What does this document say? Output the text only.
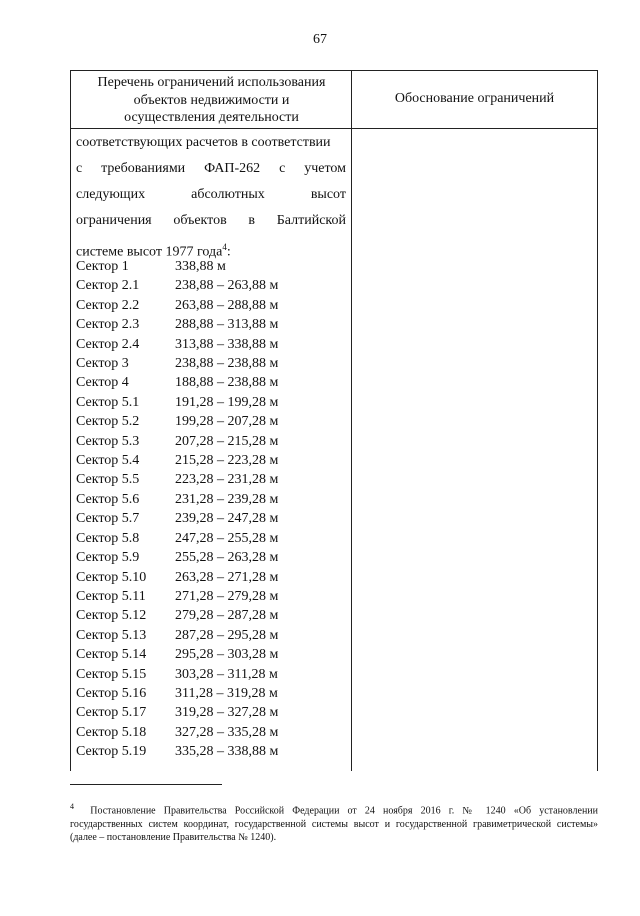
67
Перечень ограничений использования
объектов недвижимости и
осуществления деятельности
Обоснование ограничений
соответствующих расчетов в соответствии
с требованиями ФАП-262 с учетом
следующих абсолютных высот
ограничения объектов в Балтийской
системе высот 1977 года$^4$:
Сектор 1	338,88 м
Сектор 2.1	238,88 – 263,88 м
Сектор 2.2	263,88 – 288,88 м
Сектор 2.3	288,88 – 313,88 м
Сектор 2.4	313,88 – 338,88 м
Сектор 3	238,88 – 238,88 м
Сектор 4	188,88 – 238,88 м
Сектор 5.1	191,28 – 199,28 м
Сектор 5.2	199,28 – 207,28 м
Сектор 5.3	207,28 – 215,28 м
Сектор 5.4	215,28 – 223,28 м
Сектор 5.5	223,28 – 231,28 м
Сектор 5.6	231,28 – 239,28 м
Сектор 5.7	239,28 – 247,28 м
Сектор 5.8	247,28 – 255,28 м
Сектор 5.9	255,28 – 263,28 м
Сектор 5.10	263,28 – 271,28 м
Сектор 5.11	271,28 – 279,28 м
Сектор 5.12	279,28 – 287,28 м
Сектор 5.13	287,28 – 295,28 м
Сектор 5.14	295,28 – 303,28 м
Сектор 5.15	303,28 – 311,28 м
Сектор 5.16	311,28 – 319,28 м
Сектор 5.17	319,28 – 327,28 м
Сектор 5.18	327,28 – 335,28 м
Сектор 5.19	335,28 – 338,88 м
$^4$ Постановление Правительства Российской Федерации от 24 ноября 2016 г. № 1240 «Об установлении
государственных систем координат, государственной системы высот и государственной гравиметрической системы»
(далее – постановление Правительства № 1240).
